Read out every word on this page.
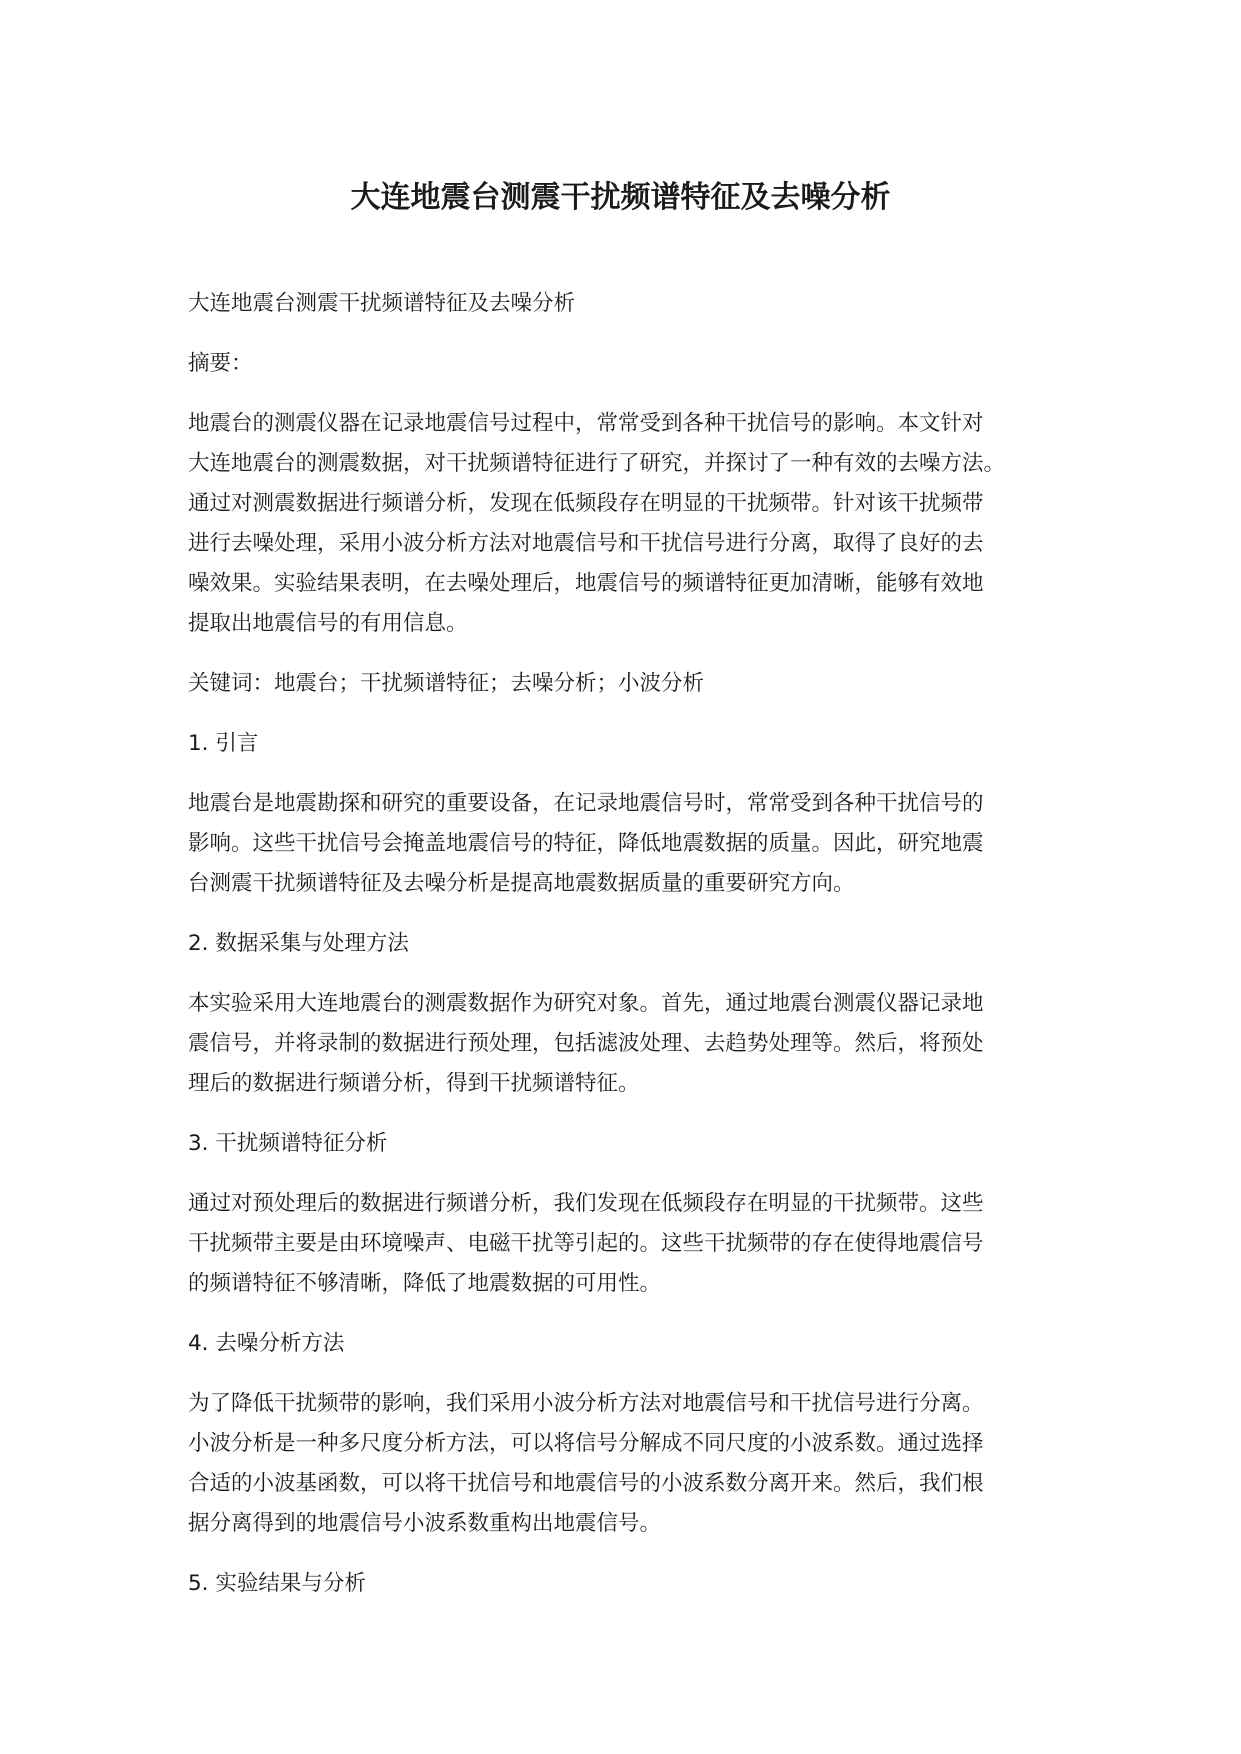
大连地震台测震干扰频谱特征及去噪分析

大连地震台测震干扰频谱特征及去噪分析

摘要：

地震台的测震仪器在记录地震信号过程中，常常受到各种干扰信号的影响。本文针对
大连地震台的测震数据，对干扰频谱特征进行了研究，并探讨了一种有效的去噪方法。
通过对测震数据进行频谱分析，发现在低频段存在明显的干扰频带。针对该干扰频带
进行去噪处理，采用小波分析方法对地震信号和干扰信号进行分离，取得了良好的去
噪效果。实验结果表明，在去噪处理后，地震信号的频谱特征更加清晰，能够有效地
提取出地震信号的有用信息。

关键词：地震台；干扰频谱特征；去噪分析；小波分析

1. 引言

地震台是地震勘探和研究的重要设备，在记录地震信号时，常常受到各种干扰信号的
影响。这些干扰信号会掩盖地震信号的特征，降低地震数据的质量。因此，研究地震
台测震干扰频谱特征及去噪分析是提高地震数据质量的重要研究方向。

2. 数据采集与处理方法

本实验采用大连地震台的测震数据作为研究对象。首先，通过地震台测震仪器记录地
震信号，并将录制的数据进行预处理，包括滤波处理、去趋势处理等。然后，将预处
理后的数据进行频谱分析，得到干扰频谱特征。

3. 干扰频谱特征分析

通过对预处理后的数据进行频谱分析，我们发现在低频段存在明显的干扰频带。这些
干扰频带主要是由环境噪声、电磁干扰等引起的。这些干扰频带的存在使得地震信号
的频谱特征不够清晰，降低了地震数据的可用性。

4. 去噪分析方法

为了降低干扰频带的影响，我们采用小波分析方法对地震信号和干扰信号进行分离。
小波分析是一种多尺度分析方法，可以将信号分解成不同尺度的小波系数。通过选择
合适的小波基函数，可以将干扰信号和地震信号的小波系数分离开来。然后，我们根
据分离得到的地震信号小波系数重构出地震信号。

5. 实验结果与分析
